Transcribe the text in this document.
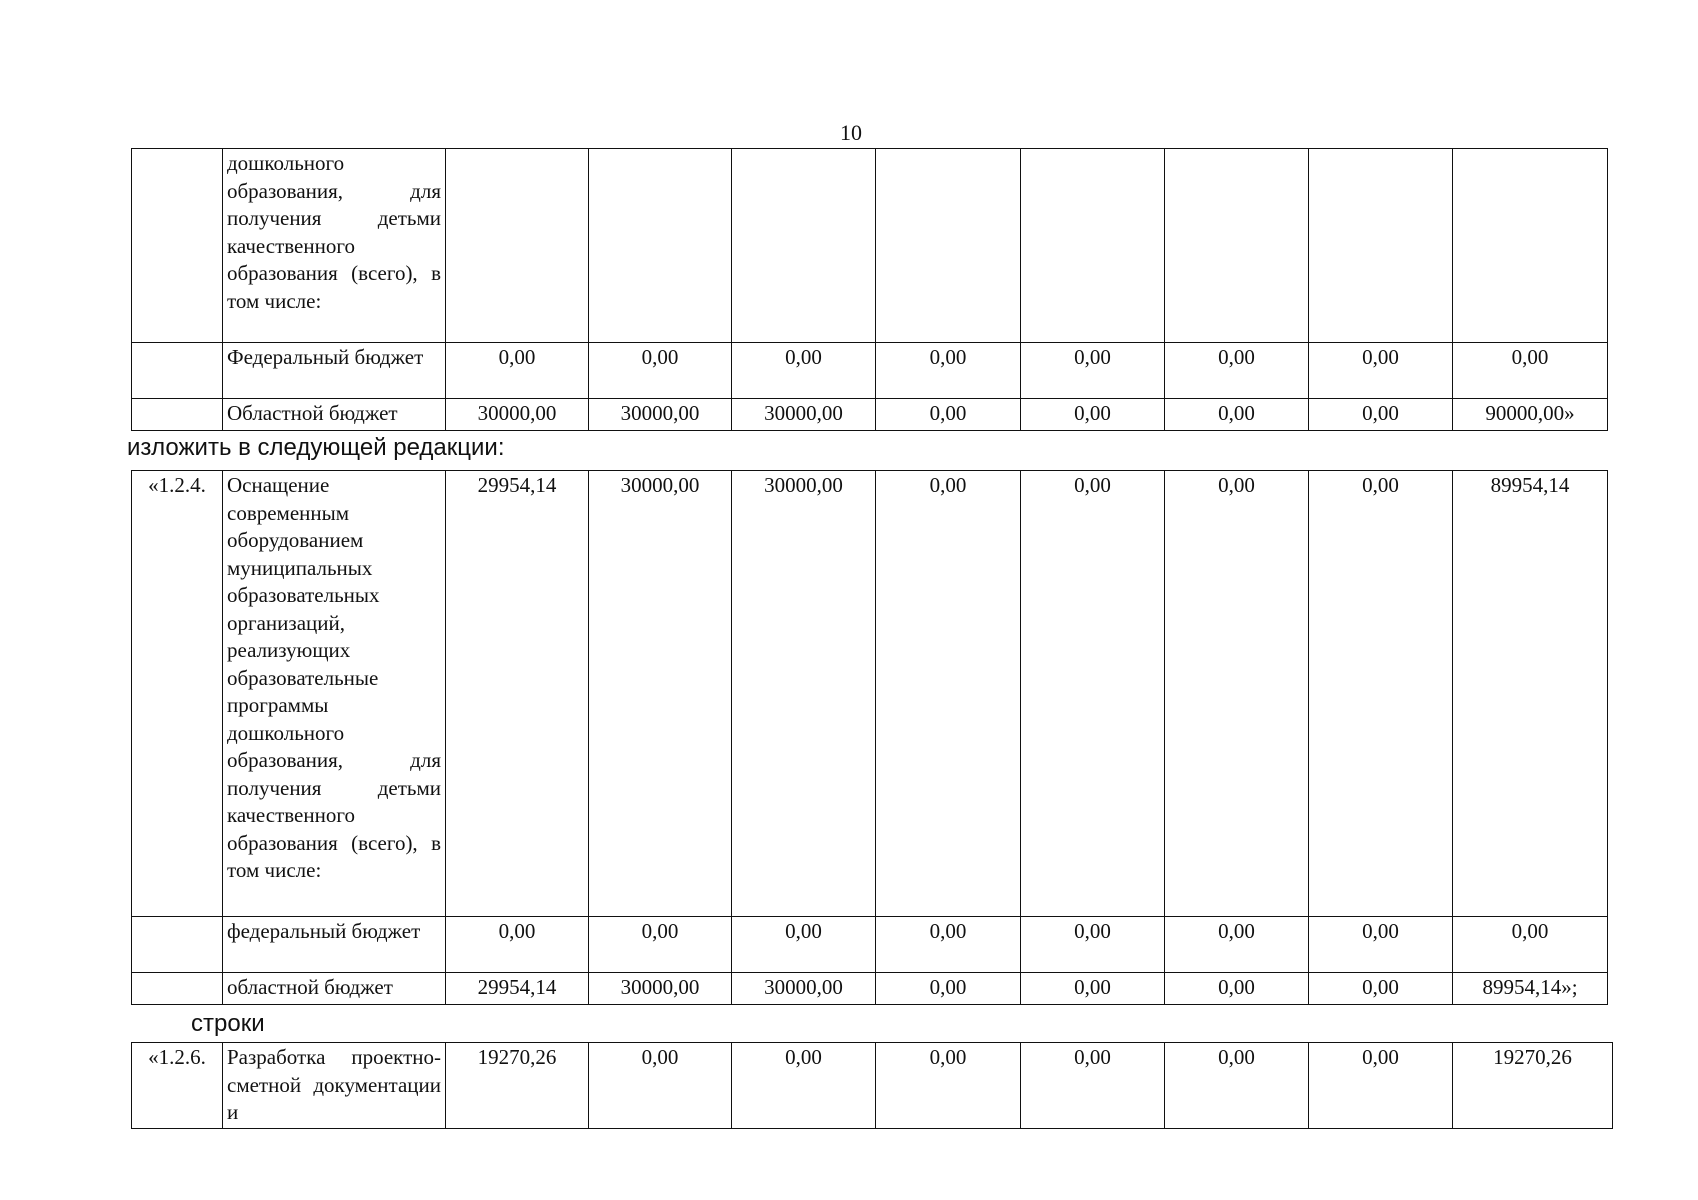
10
	дошкольного образования, для получения детьми качественного образования (всего), в том числе:								
	Федеральный бюджет	0,00	0,00	0,00	0,00	0,00	0,00	0,00	0,00
	Областной бюджет	30000,00	30000,00	30000,00	0,00	0,00	0,00	0,00	90000,00»
изложить в следующей редакции:
«1.2.4.	Оснащение современным оборудованием муниципальных образовательных организаций, реализующих образовательные программы дошкольного образования, для получения детьми качественного образования (всего), в том числе:	29954,14	30000,00	30000,00	0,00	0,00	0,00	0,00	89954,14
	федеральный бюджет	0,00	0,00	0,00	0,00	0,00	0,00	0,00	0,00
	областной бюджет	29954,14	30000,00	30000,00	0,00	0,00	0,00	0,00	89954,14»;
строки
«1.2.6.	Разработка проектно-сметной документации и	19270,26	0,00	0,00	0,00	0,00	0,00	0,00	19270,26
